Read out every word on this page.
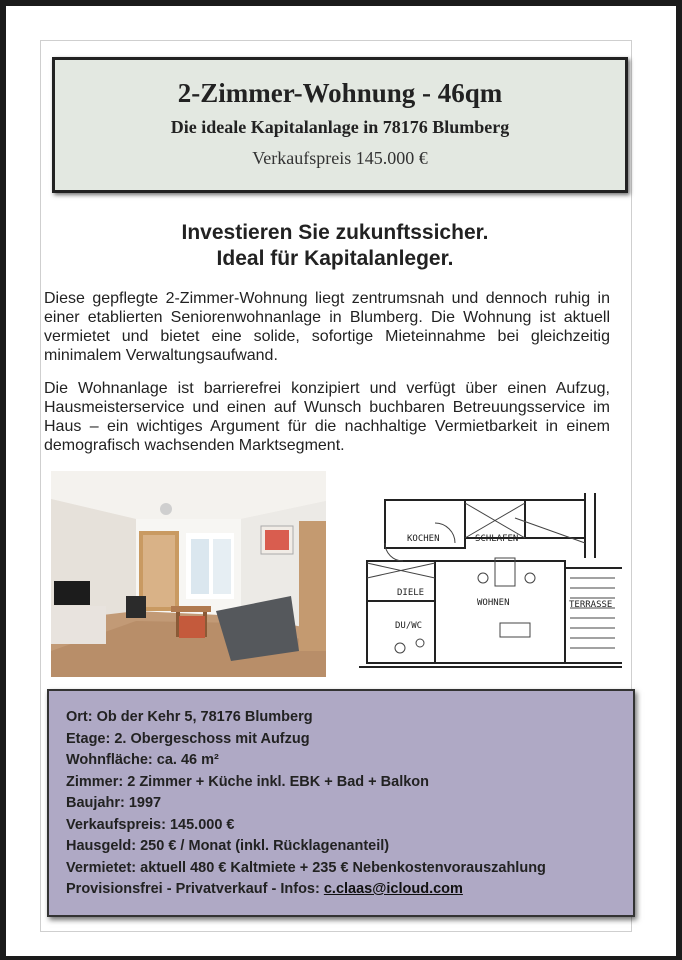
2-Zimmer-Wohnung - 46qm
Die ideale Kapitalanlage in 78176 Blumberg
Verkaufspreis 145.000 €
Investieren Sie zukunftssicher.
Ideal für Kapitalanleger.

Diese gepflegte 2-Zimmer-Wohnung liegt zentrumsnah und dennoch ruhig in einer etablierten Seniorenwohnanlage in Blumberg. Die Wohnung ist aktuell vermietet und bietet eine solide, sofortige Mieteinnahme bei gleichzeitig minimalem Verwaltungsaufwand.

Die Wohnanlage ist barrierefrei konzipiert und verfügt über einen Aufzug, Hausmeisterservice und einen auf Wunsch buchbaren Betreuungsservice im Haus – ein wichtiges Argument für die nachhaltige Vermietbarkeit in einem demografisch wachsenden Marktsegment.

KOCHEN	SCHLAFEN
DIELE
WOHNEN
DU/WC
TERRASSE
Ort: Ob der Kehr 5, 78176 Blumberg
Etage: 2. Obergeschoss mit Aufzug
Wohnfläche: ca. 46 m²
Zimmer: 2 Zimmer + Küche inkl. EBK + Bad + Balkon
Baujahr: 1997
Verkaufspreis: 145.000 €
Hausgeld: 250 € / Monat (inkl. Rücklagenanteil)
Vermietet: aktuell 480 € Kaltmiete + 235 € Nebenkostenvorauszahlung
Provisionsfrei - Privatverkauf - Infos: c.claas@icloud.com
